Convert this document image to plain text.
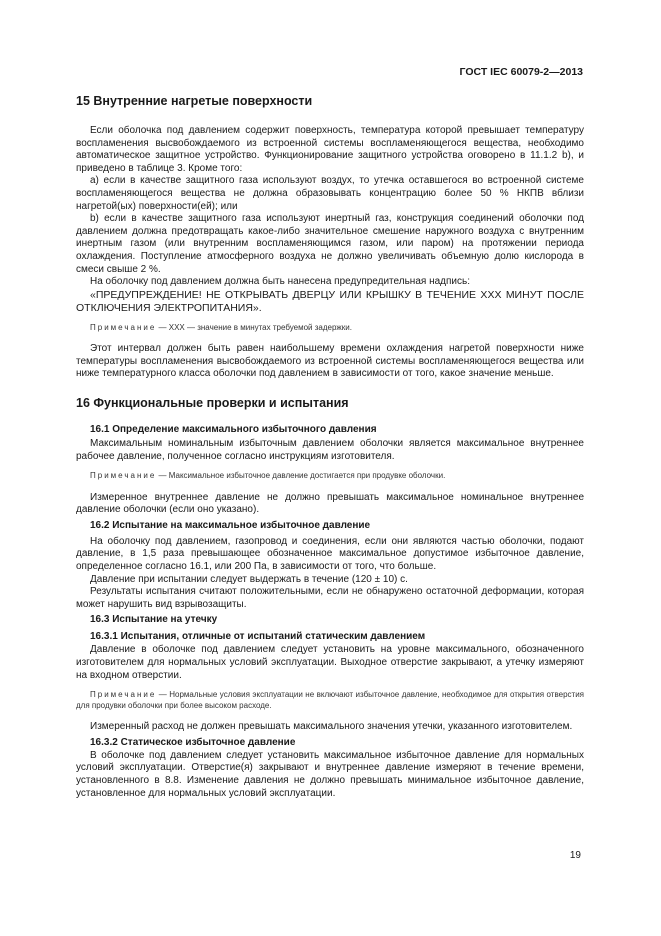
ГОСТ IEC 60079-2—2013
15 Внутренние нагретые поверхности

Если оболочка под давлением содержит поверхность, температура которой превышает температуру воспламенения высвобождаемого из встроенной системы воспламеняющегося вещества, необходимо автоматическое защитное устройство. Функционирование защитного устройства оговорено в 11.1.2 b), и приведено в таблице 3. Кроме того:

а) если в качестве защитного газа используют воздух, то утечка оставшегося во встроенной системе воспламеняющегося вещества не должна образовывать концентрацию более 50 % НКПВ вблизи нагретой(ых) поверхности(ей); или

b) если в качестве защитного газа используют инертный газ, конструкция соединений оболочки под давлением должна предотвращать какое-либо значительное смешение наружного воздуха с внутренним инертным газом (или внутренним воспламеняющимся газом, или паром) на протяжении периода охлаждения. Поступление атмосферного воздуха не должно увеличивать объемную долю кислорода в смеси свыше 2 %.

На оболочку под давлением должна быть нанесена предупредительная надпись:

«ПРЕДУПРЕЖДЕНИЕ! НЕ ОТКРЫВАТЬ ДВЕРЦУ ИЛИ КРЫШКУ В ТЕЧЕНИЕ ХХХ МИНУТ ПОСЛЕ ОТКЛЮЧЕНИЯ ЭЛЕКТРОПИТАНИЯ».

Примечание — ХХХ — значение в минутах требуемой задержки.

Этот интервал должен быть равен наибольшему времени охлаждения нагретой поверхности ниже температуры воспламенения высвобождаемого из встроенной системы воспламеняющегося вещества или ниже температурного класса оболочки под давлением в зависимости от того, какое значение меньше.

16 Функциональные проверки и испытания
16.1 Определение максимального избыточного давления

Максимальным номинальным избыточным давлением оболочки является максимальное внутреннее рабочее давление, полученное согласно инструкциям изготовителя.

Примечание — Максимальное избыточное давление достигается при продувке оболочки.

Измеренное внутреннее давление не должно превышать максимальное номинальное внутреннее давление оболочки (если оно указано).

16.2 Испытание на максимальное избыточное давление

На оболочку под давлением, газопровод и соединения, если они являются частью оболочки, подают давление, в 1,5 раза превышающее обозначенное максимальное допустимое избыточное давление, определенное согласно 16.1, или 200 Па, в зависимости от того, что больше.

Давление при испытании следует выдержать в течение (120 ± 10) с.

Результаты испытания считают положительными, если не обнаружено остаточной деформации, которая может нарушить вид взрывозащиты.

16.3 Испытание на утечку
16.3.1 Испытания, отличные от испытаний статическим давлением

Давление в оболочке под давлением следует установить на уровне максимального, обозначенного изготовителем для нормальных условий эксплуатации. Выходное отверстие закрывают, а утечку измеряют на входном отверстии.

Примечание — Нормальные условия эксплуатации не включают избыточное давление, необходимое для открытия отверстия для продувки оболочки при более высоком расходе.

Измеренный расход не должен превышать максимального значения утечки, указанного изготовителем.

16.3.2 Статическое избыточное давление

В оболочке под давлением следует установить максимальное избыточное давление для нормальных условий эксплуатации. Отверстие(я) закрывают и внутреннее давление измеряют в течение времени, установленного в 8.8. Изменение давления не должно превышать минимальное избыточное давление, установленное для нормальных условий эксплуатации.

19
